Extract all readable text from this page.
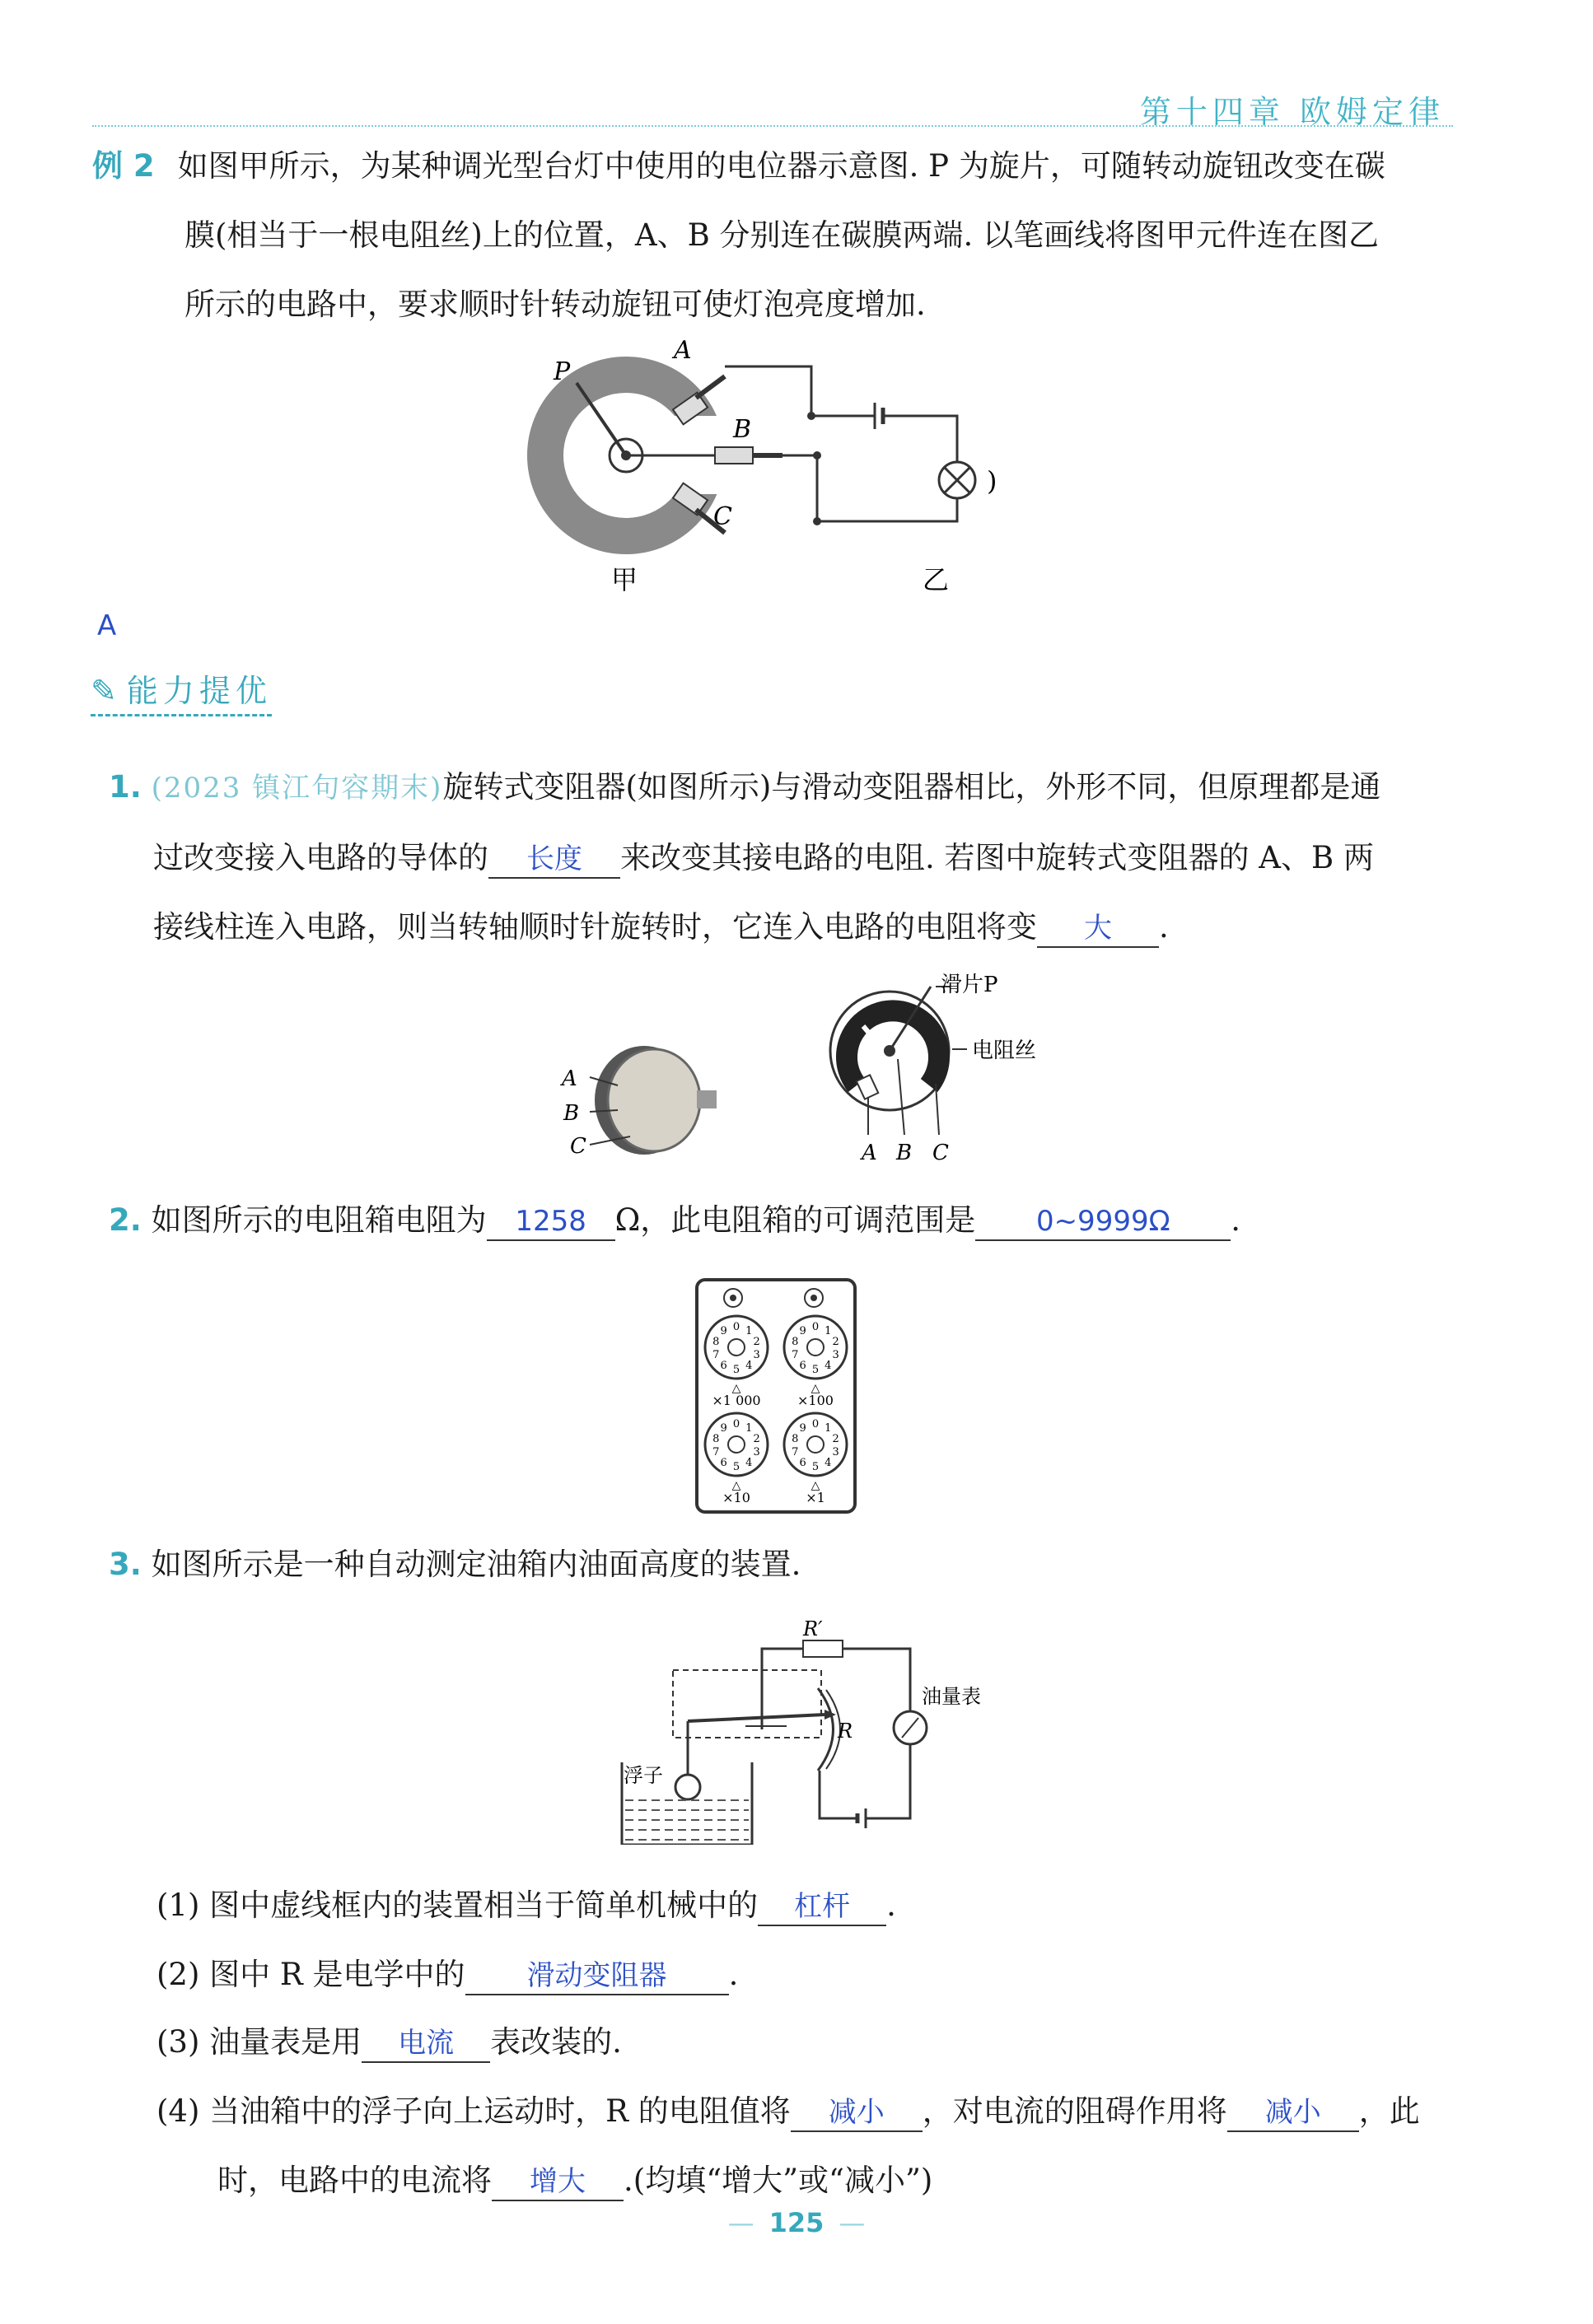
第十四章 欧姆定律
例 2 如图甲所示，为某种调光型台灯中使用的电位器示意图. P 为旋片，可随转动旋钮改变在碳
膜(相当于一根电阻丝)上的位置，A、B 分别连在碳膜两端. 以笔画线将图甲元件连在图乙
所示的电路中，要求顺时针转动旋钮可使灯泡亮度增加.
P
A
B
C
)
甲	乙
A
✎ 能力提优
1. (2023 镇江句容期末)旋转式变阻器(如图所示)与滑动变阻器相比，外形不同，但原理都是通
过改变接入电路的导体的 长度 来改变其接电路的电阻. 若图中旋转式变阻器的 A、B 两
接线柱连入电路，则当转轴顺时针旋转时，它连入电路的电阻将变 大 .
A
B
C
滑片P
电阻丝
A B C
2. 如图所示的电阻箱电阻为 1258 Ω，此电阻箱的可调范围是 0~9999Ω .
0 1
2
3
4
5
6
7
8
9
△
×1 000
0 1
2
3
4
5
6
7
8
9
△
×100
0 1
2
3
4
5
6
7
8
9
△
×10
0 1
2
3
4
5
6
7
8
9
△
×1
3. 如图所示是一种自动测定油箱内油面高度的装置.
R′
R
油量表
浮子
(1) 图中虚线框内的装置相当于简单机械中的 杠杆 .
(2) 图中 R 是电学中的 滑动变阻器 .
(3) 油量表是用 电流 表改装的.
(4) 当油箱中的浮子向上运动时，R 的电阻值将 减小 ，对电流的阻碍作用将 减小 ，此
时，电路中的电流将 增大 .(均填“增大”或“减小”)
— 125 —
